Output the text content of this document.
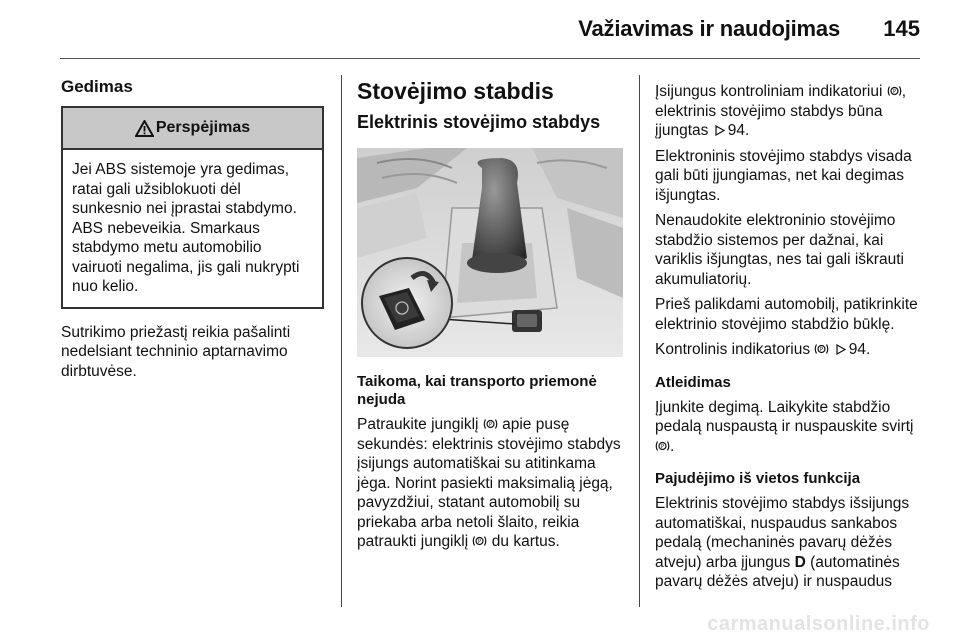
Važiavimas ir naudojimas 145
Gedimas
Perspėjimas
Jei ABS sistemoje yra gedimas, ratai gali užsiblokuoti dėl sunkesnio nei įprastai stabdymo. ABS nebeveikia. Smarkaus stabdymo metu automobilio vairuoti negalima, jis gali nukrypti nuo kelio.

Sutrikimo priežastį reikia pašalinti nedelsiant techninio aptarnavimo dirbtuvėse.

Stovėjimo stabdis
Elektrinis stovėjimo stabdys

Taikoma, kai transporto priemonė nejuda

Patraukite jungiklį P apie pusę sekundės: elektrinis stovėjimo stabdys įsijungs automatiškai su atitinkama jėga. Norint pasiekti maksimalią jėgą, pavyzdžiui, statant automobilį su priekaba arba netoli šlaito, reikia patraukti jungiklį P du kartus.

Įsijungus kontroliniam indikatoriui P , elektrinis stovėjimo stabdys būna įjungtas 94.

Elektroninis stovėjimo stabdys visada gali būti įjungiamas, net kai degimas išjungtas.

Nenaudokite elektroninio stovėjimo stabdžio sistemos per dažnai, kai variklis išjungtas, nes tai gali iškrauti akumuliatorių.

Prieš palikdami automobilį, patikrinkite elektrinio stovėjimo stabdžio būklę.

Kontrolinis indikatorius P 94.

Atleidimas

Įjunkite degimą. Laikykite stabdžio pedalą nuspaustą ir nuspauskite svirtį
P .

Pajudėjimo iš vietos funkcija

Elektrinis stovėjimo stabdys išsijungs automatiškai, nuspaudus sankabos pedalą (mechaninės pavarų dėžės atveju) arba įjungus D (automatinės pavarų dėžės atveju) ir nuspaudus

carmanualsonline.info
